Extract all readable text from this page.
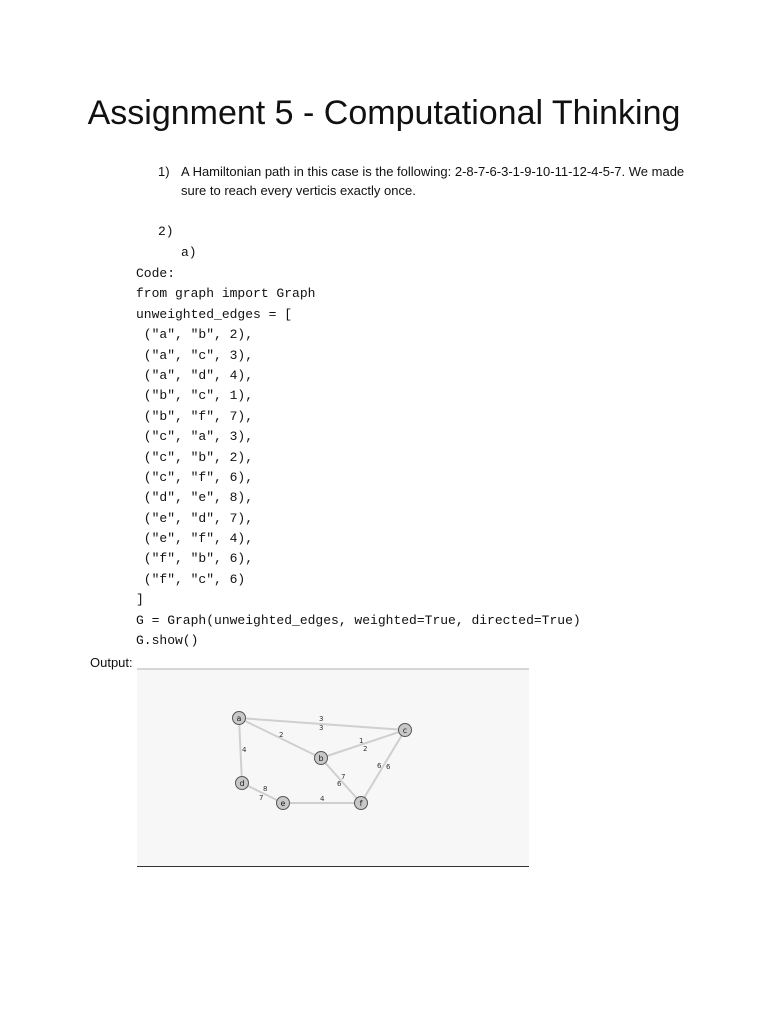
Assignment 5 - Computational Thinking
1) A Hamiltonian path in this case is the following: 2-8-7-6-3-1-9-10-11-12-4-5-7. We made sure to reach every verticis exactly once.
2)
a)
Code:
from graph import Graph
unweighted_edges = [
("a", "b", 2),
("a", "c", 3),
("a", "d", 4),
("b", "c", 1),
("b", "f", 7),
("c", "a", 3),
("c", "b", 2),
("c", "f", 6),
("d", "e", 8),
("e", "d", 7),
("e", "f", 4),
("f", "b", 6),
("f", "c", 6)
]
G = Graph(unweighted_edges, weighted=True, directed=True)
G.show()
Output:
3
3
2
4
1
2
7
6
6 6
8
7	4
a
b
c
d
e	f
